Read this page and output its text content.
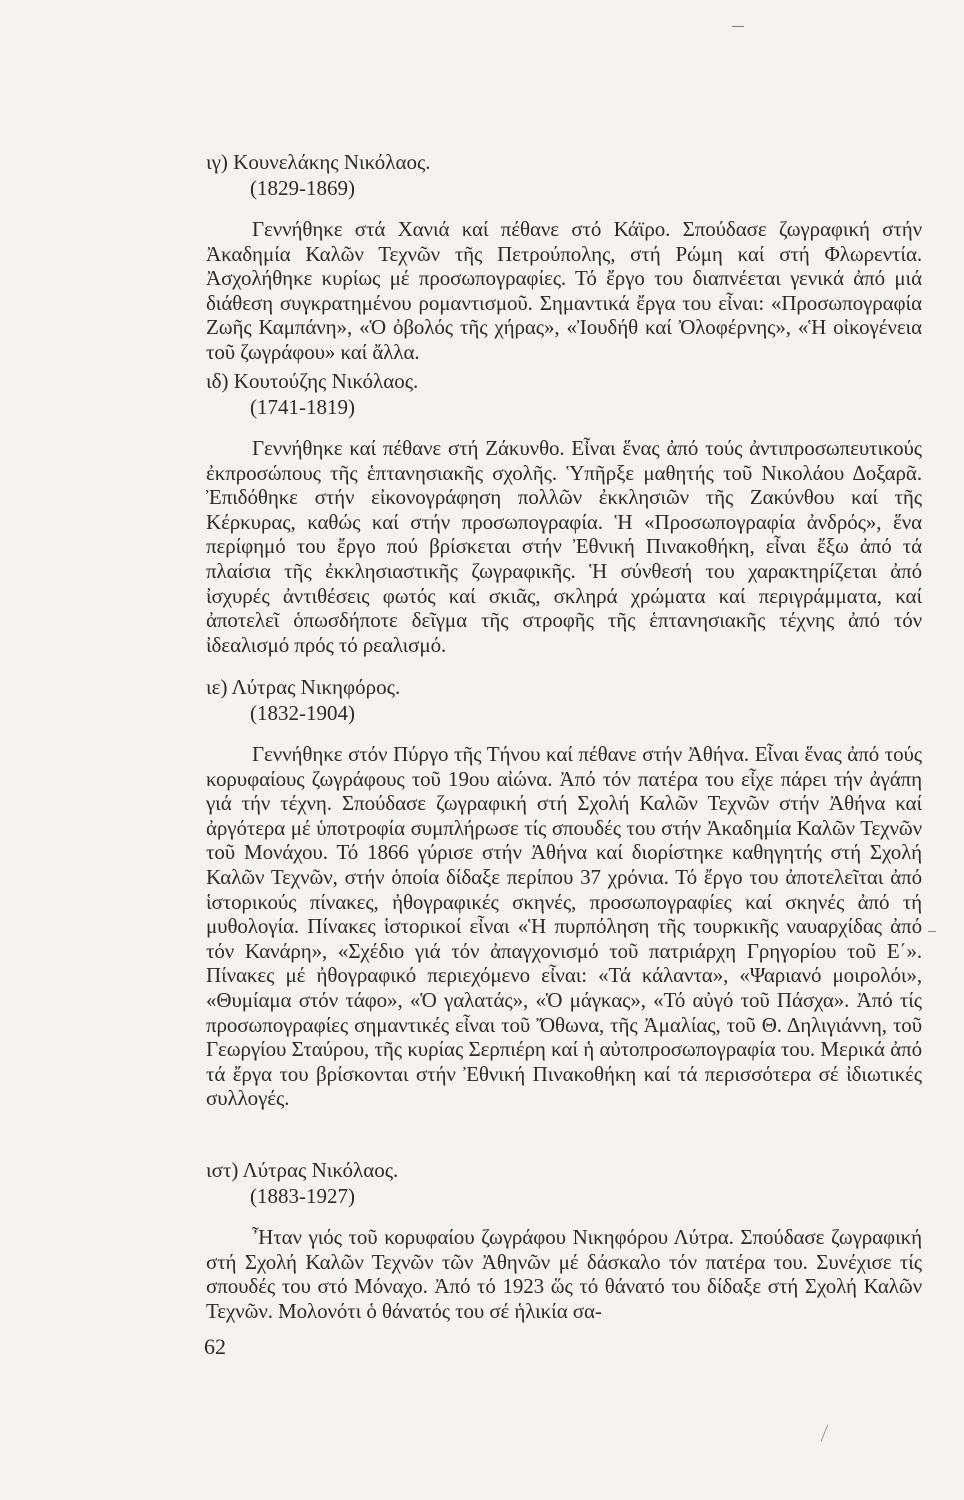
ιγ) Κουνελάκης Νικόλαος.

(1829-1869)

Γεννήθηκε στά Χανιά καί πέθανε στό Κάϊρο. Σπούδασε ζωγραφική στήν Ἀκαδημία Καλῶν Τεχνῶν τῆς Πετρούπολης, στή Ρώμη καί στή Φλωρεντία. Ἀσχολήθηκε κυρίως μέ προσωπογραφίες. Τό ἔργο του διαπνέεται γενικά ἀπό μιά διάθεση συγκρατημένου ρομαντισμοῦ. Σημαντικά ἔργα του εἶναι: «Προσωπογραφία Ζωῆς Καμπάνη», «Ὁ ὀβολός τῆς χήρας», «Ἰουδήθ καί Ὀλοφέρνης», «Ἡ οἰκογένεια τοῦ ζωγράφου» καί ἄλλα.

ιδ) Κουτούζης Νικόλαος.

(1741-1819)

Γεννήθηκε καί πέθανε στή Ζάκυνθο. Εἶναι ἕνας ἀπό τούς ἀντιπροσωπευτικούς ἐκπροσώπους τῆς ἑπτανησιακῆς σχολῆς. Ὑπῆρξε μαθητής τοῦ Νικολάου Δοξαρᾶ. Ἐπιδόθηκε στήν εἰκονογράφηση πολλῶν ἐκκλησιῶν τῆς Ζακύνθου καί τῆς Κέρκυρας, καθώς καί στήν προσωπογραφία. Ἡ «Προσωπογραφία ἀνδρός», ἕνα περίφημό του ἔργο πού βρίσκεται στήν Ἐθνική Πινακοθήκη, εἶναι ἔξω ἀπό τά πλαίσια τῆς ἐκκλησιαστικῆς ζωγραφικῆς. Ἡ σύνθεσή του χαρακτηρίζεται ἀπό ἰσχυρές ἀντιθέσεις φωτός καί σκιᾶς, σκληρά χρώματα καί περιγράμματα, καί ἀποτελεῖ ὁπωσδήποτε δεῖγμα τῆς στροφῆς τῆς ἑπτανησιακῆς τέχνης ἀπό τόν ἰδεαλισμό πρός τό ρεαλισμό.

ιε) Λύτρας Νικηφόρος.

(1832-1904)

Γεννήθηκε στόν Πύργο τῆς Τήνου καί πέθανε στήν Ἀθήνα. Εἶναι ἕνας ἀπό τούς κορυφαίους ζωγράφους τοῦ 19ου αἰώνα. Ἀπό τόν πατέρα του εἶχε πάρει τήν ἀγάπη γιά τήν τέχνη. Σπούδασε ζωγραφική στή Σχολή Καλῶν Τεχνῶν στήν Ἀθήνα καί ἀργότερα μέ ὑποτροφία συμπλήρωσε τίς σπουδές του στήν Ἀκαδημία Καλῶν Τεχνῶν τοῦ Μονάχου. Τό 1866 γύρισε στήν Ἀθήνα καί διορίστηκε καθηγητής στή Σχολή Καλῶν Τεχνῶν, στήν ὁποία δίδαξε περίπου 37 χρόνια. Τό ἔργο του ἀποτελεῖται ἀπό ἱστορικούς πίνακες, ἠθογραφικές σκηνές, προσωπογραφίες καί σκηνές ἀπό τή μυθολογία. Πίνακες ἱστορικοί εἶναι «Ἡ πυρπόληση τῆς τουρκικῆς ναυαρχίδας ἀπό τόν Κανάρη», «Σχέδιο γιά τόν ἀπαγχονισμό τοῦ πατριάρχη Γρηγορίου τοῦ Ε΄». Πίνακες μέ ἠθογραφικό περιεχόμενο εἶναι: «Τά κάλαντα», «Ψαριανό μοιρολόι», «Θυμίαμα στόν τάφο», «Ὁ γαλατάς», «Ὁ μάγκας», «Τό αὐγό τοῦ Πάσχα». Ἀπό τίς προσωπογραφίες σημαντικές εἶναι τοῦ Ὄθωνα, τῆς Ἀμαλίας, τοῦ Θ. Δηλιγιάννη, τοῦ Γεωργίου Σταύρου, τῆς κυρίας Σερπιέρη καί ἡ αὐτοπροσωπογραφία του. Μερικά ἀπό τά ἔργα του βρίσκονται στήν Ἐθνική Πινακοθήκη καί τά περισσότερα σέ ἰδιωτικές συλλογές.

ιστ) Λύτρας Νικόλαος.

(1883-1927)

Ἦταν γιός τοῦ κορυφαίου ζωγράφου Νικηφόρου Λύτρα. Σπούδασε ζωγραφική στή Σχολή Καλῶν Τεχνῶν τῶν Ἀθηνῶν μέ δάσκαλο τόν πατέρα του. Συνέχισε τίς σπουδές του στό Μόναχο. Ἀπό τό 1923 ὥς τό θάνατό του δίδαξε στή Σχολή Καλῶν Τεχνῶν. Μολονότι ὁ θάνατός του σέ ἡλικία σα-

62
